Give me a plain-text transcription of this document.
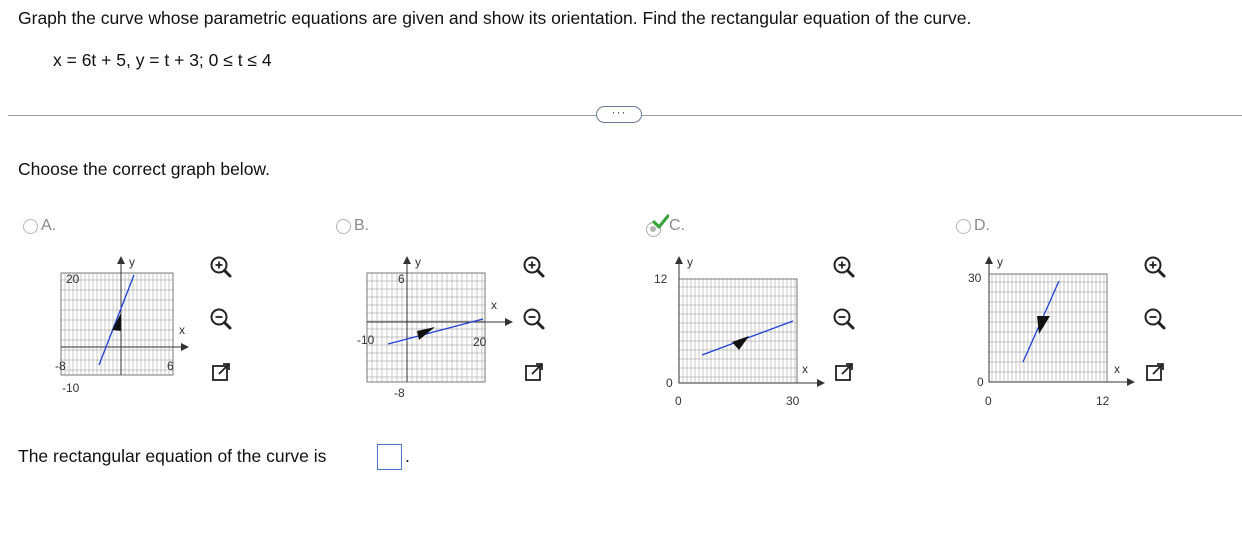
Graph the curve whose parametric equations are given and show its orientation. Find the rectangular equation of the curve.
x = 6t + 5, y = t + 3; 0 ≤ t ≤ 4
···
Choose the correct graph below.
A.
20
-10
-8	6
x
y
B.
6
-8
-10	20
x
y
C.
12
0
0	30
x
y
D.
30
0
0	12
x
y
The rectangular equation of the curve is	.
